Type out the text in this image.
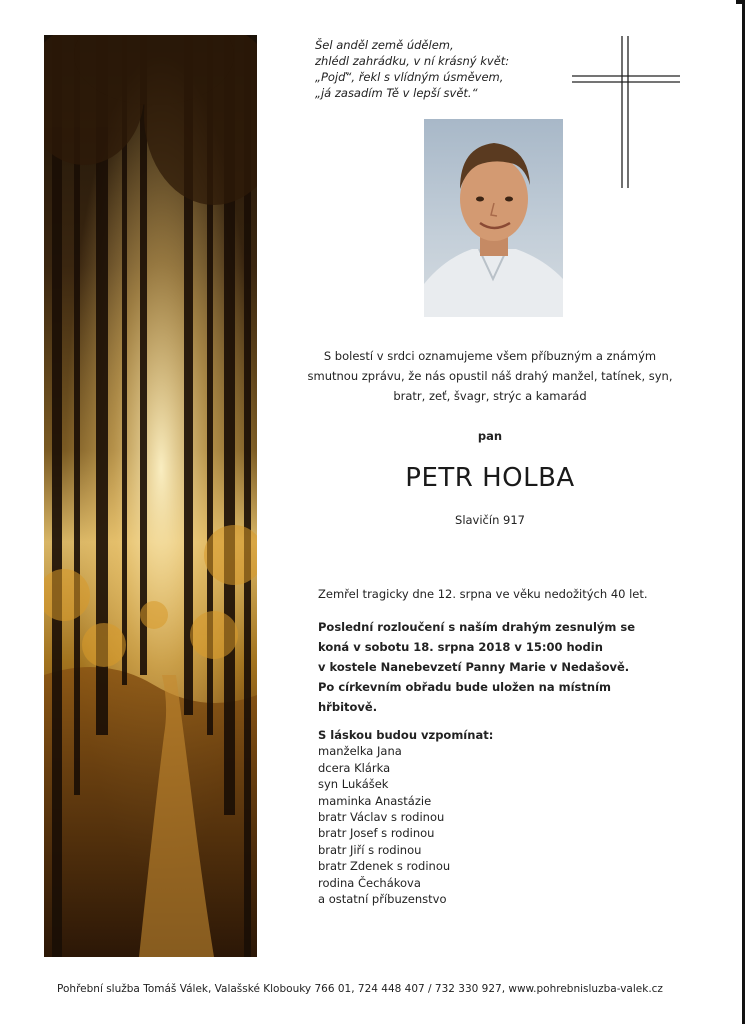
Šel anděl země údělem,
zhlédl zahrádku, v ní krásný květ:
„Pojď“, řekl s vlídným úsměvem,
„já zasadím Tě v lepší svět.“
S bolestí v srdci oznamujeme všem příbuzným a známým
smutnou zprávu, že nás opustil náš drahý manžel, tatínek, syn,
bratr, zeť, švagr, strýc a kamarád
pan
PETR HOLBA
Slavičín 917
Zemřel tragicky dne 12. srpna ve věku nedožitých 40 let.
Poslední rozloučení s naším drahým zesnulým se
koná v sobotu 18. srpna 2018 v 15:00 hodin
v kostele Nanebevzetí Panny Marie v Nedašově.
Po církevním obřadu bude uložen na místním
hřbitově.
S láskou budou vzpomínat:
manželka Jana
dcera Klárka
syn Lukášek
maminka Anastázie
bratr Václav s rodinou
bratr Josef s rodinou
bratr Jiří s rodinou
bratr Zdenek s rodinou
rodina Čechákova
a ostatní příbuzenstvo
Pohřební služba Tomáš Válek, Valašské Klobouky 766 01, 724 448 407 / 732 330 927, www.pohrebnisluzba-valek.cz
